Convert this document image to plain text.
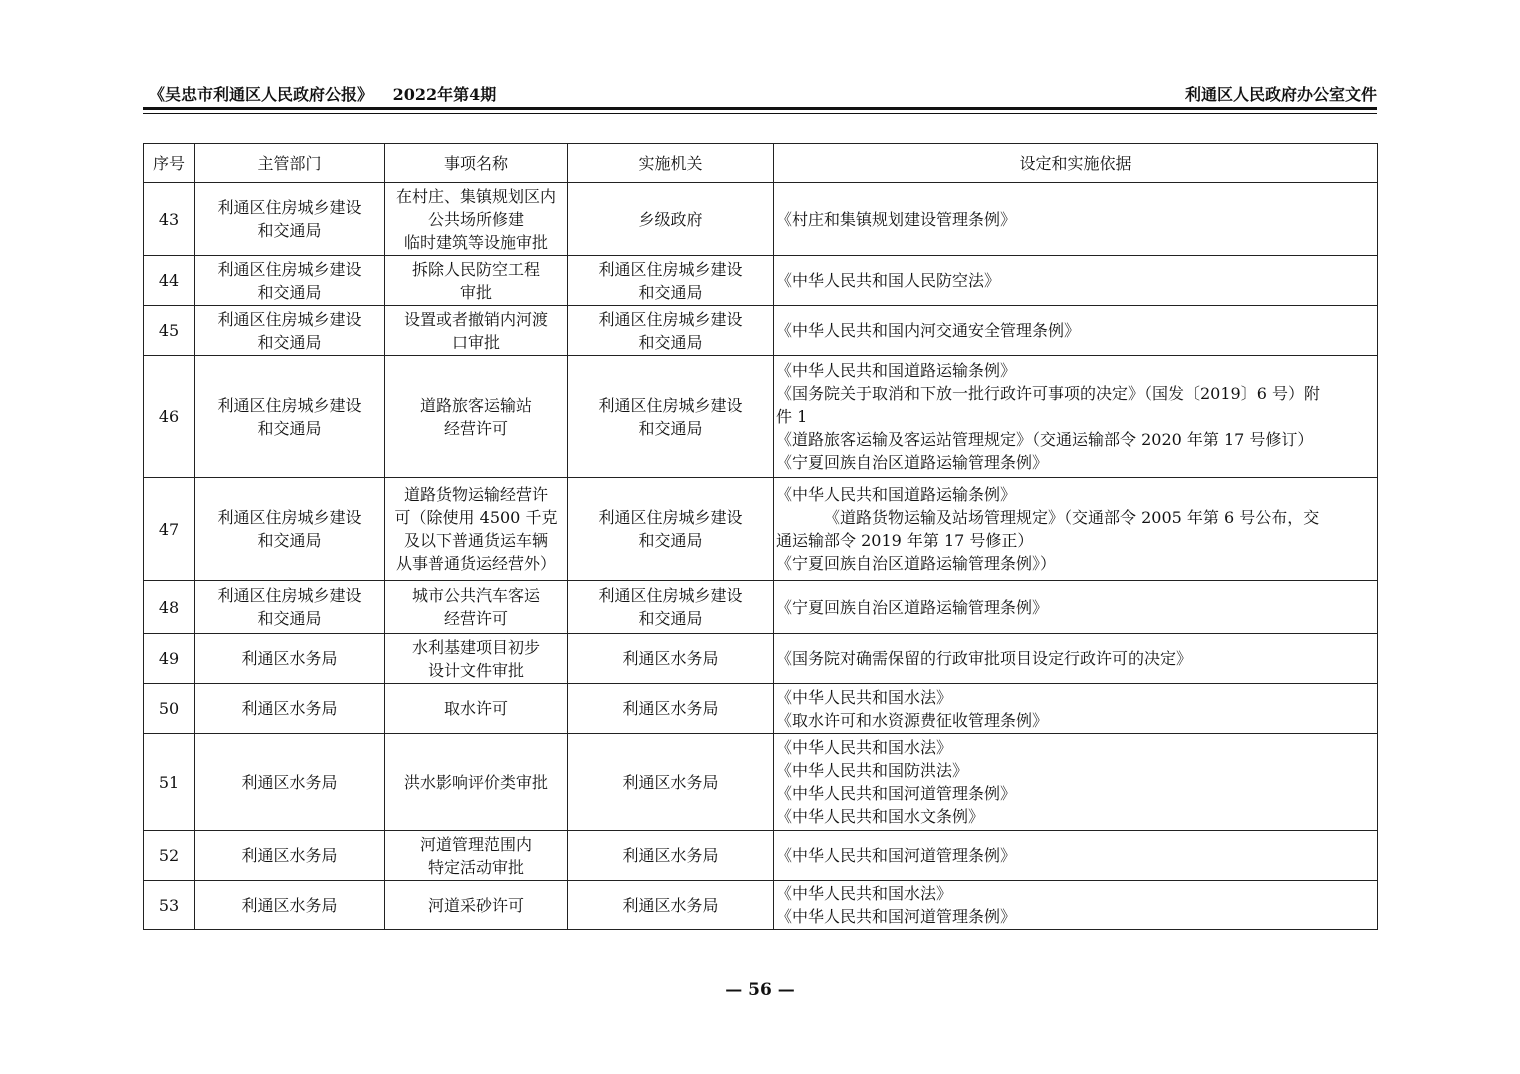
《吴忠市利通区人民政府公报》 2022年第4期	利通区人民政府办公室文件
序号	主管部门	事项名称	实施机关	设定和实施依据
43	利通区住房城乡建设
和交通局	在村庄、集镇规划区内
公共场所修建
临时建筑等设施审批	乡级政府	《村庄和集镇规划建设管理条例》

44	利通区住房城乡建设
和交通局	拆除人民防空工程
审批	利通区住房城乡建设
和交通局	《中华人民共和国人民防空法》

45	利通区住房城乡建设
和交通局	设置或者撤销内河渡
口审批	利通区住房城乡建设
和交通局	《中华人民共和国内河交通安全管理条例》

46	利通区住房城乡建设
和交通局	道路旅客运输站
经营许可	利通区住房城乡建设
和交通局	《中华人民共和国道路运输条例》
《国务院关于取消和下放一批行政许可事项的决定》（国发〔2019〕6 号）附
件 1
《道路旅客运输及客运站管理规定》（交通运输部令 2020 年第 17 号修订）
《宁夏回族自治区道路运输管理条例》

47	利通区住房城乡建设
和交通局	道路货物运输经营许
可（除使用 4500 千克
及以下普通货运车辆
从事普通货运经营外）	利通区住房城乡建设
和交通局	《中华人民共和国道路运输条例》
《道路货物运输及站场管理规定》（交通部令 2005 年第 6 号公布，交
通运输部令 2019 年第 17 号修正）
《宁夏回族自治区道路运输管理条例》）

48	利通区住房城乡建设
和交通局	城市公共汽车客运
经营许可	利通区住房城乡建设
和交通局	《宁夏回族自治区道路运输管理条例》

49	利通区水务局	水利基建项目初步
设计文件审批	利通区水务局	《国务院对确需保留的行政审批项目设定行政许可的决定》

50	利通区水务局	取水许可	利通区水务局	《中华人民共和国水法》
《取水许可和水资源费征收管理条例》

51	利通区水务局	洪水影响评价类审批	利通区水务局	《中华人民共和国水法》
《中华人民共和国防洪法》
《中华人民共和国河道管理条例》
《中华人民共和国水文条例》

52	利通区水务局	河道管理范围内
特定活动审批	利通区水务局	《中华人民共和国河道管理条例》

53	利通区水务局	河道采砂许可	利通区水务局	《中华人民共和国水法》
《中华人民共和国河道管理条例》
— 56 —
